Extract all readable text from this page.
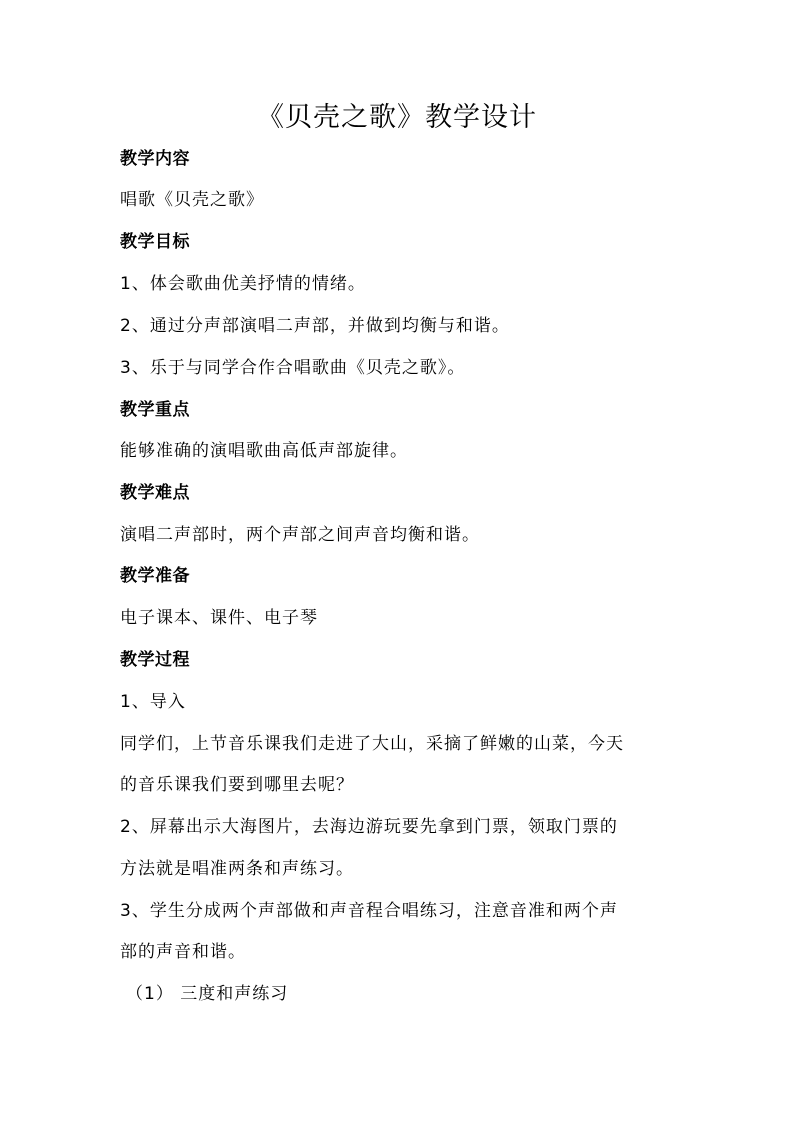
《贝壳之歌》教学设计
教学内容
唱歌《贝壳之歌》
教学目标
1、体会歌曲优美抒情的情绪。
2、通过分声部演唱二声部，并做到均衡与和谐。
3、乐于与同学合作合唱歌曲《贝壳之歌》。
教学重点
能够准确的演唱歌曲高低声部旋律。
教学难点
演唱二声部时，两个声部之间声音均衡和谐。
教学准备
电子课本、课件、电子琴
教学过程
1、导入
同学们，上节音乐课我们走进了大山，采摘了鲜嫩的山菜，今天
的音乐课我们要到哪里去呢？
2、屏幕出示大海图片，去海边游玩要先拿到门票，领取门票的
方法就是唱准两条和声练习。
3、学生分成两个声部做和声音程合唱练习，注意音准和两个声
部的声音和谐。
（1） 三度和声练习
